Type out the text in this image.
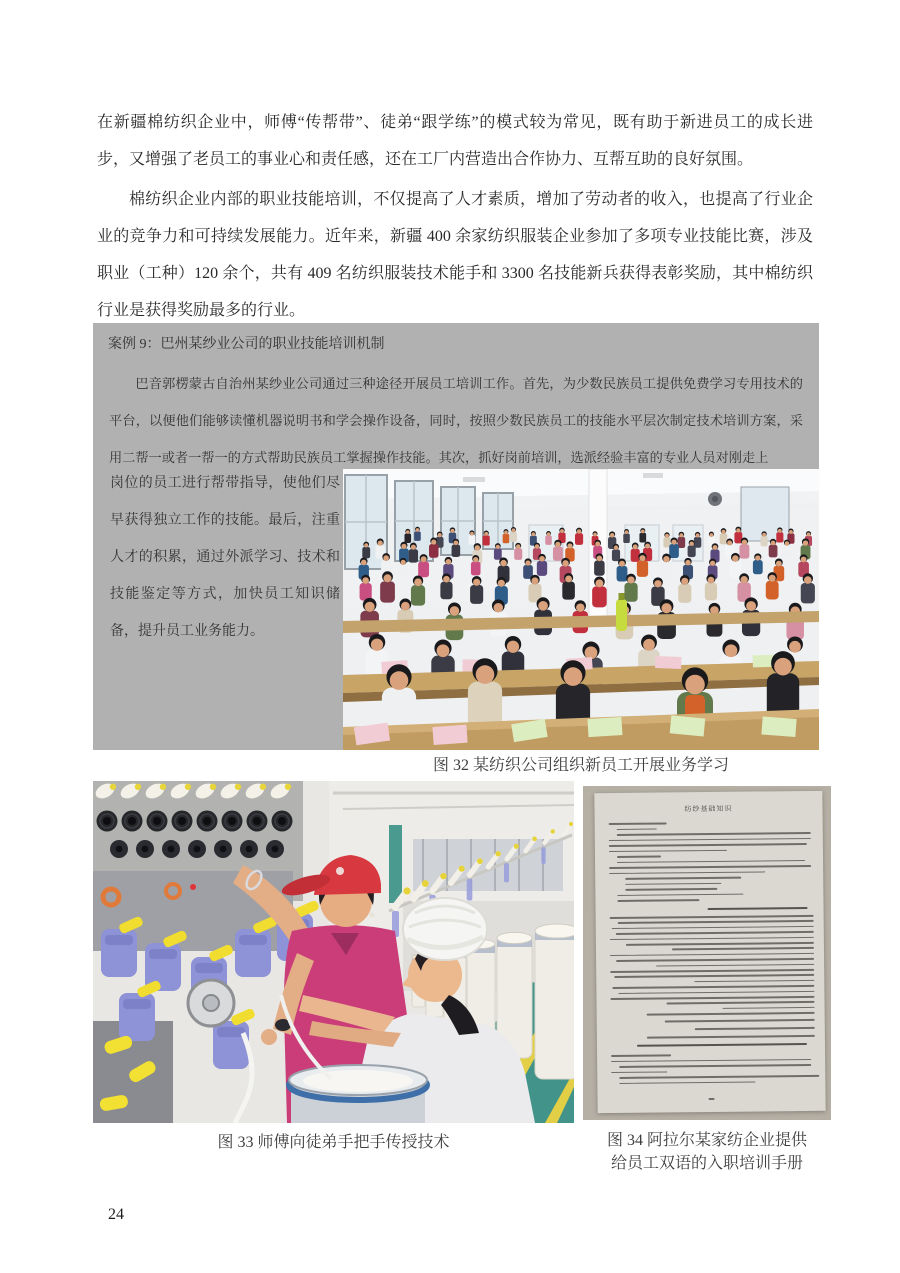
在新疆棉纺织企业中，师傅“传帮带”、徒弟“跟学练”的模式较为常见，既有助于新进员工的成长进步，又增强了老员工的事业心和责任感，还在工厂内营造出合作协力、互帮互助的良好氛围。
棉纺织企业内部的职业技能培训，不仅提高了人才素质，增加了劳动者的收入，也提高了行业企业的竞争力和可持续发展能力。近年来，新疆 400 余家纺织服装企业参加了多项专业技能比赛，涉及职业（工种）120 余个，共有 409 名纺织服装技术能手和 3300 名技能新兵获得表彰奖励，其中棉纺织行业是获得奖励最多的行业。
案例 9：巴州某纱业公司的职业技能培训机制
巴音郭楞蒙古自治州某纱业公司通过三种途径开展员工培训工作。首先，为少数民族员工提供免费学习专用技术的平台，以便他们能够读懂机器说明书和学会操作设备，同时，按照少数民族员工的技能水平层次制定技术培训方案，采用二帮一或者一帮一的方式帮助民族员工掌握操作技能。其次，抓好岗前培训，选派经验丰富的专业人员对刚走上
岗位的员工进行帮带指导，使他们尽早获得独立工作的技能。最后，注重人才的积累，通过外派学习、技术和技能鉴定等方式，加快员工知识储备，提升员工业务能力。
图 32 某纺织公司组织新员工开展业务学习
纺纱基础知识
图 33 师傅向徒弟手把手传授技术	图 34 阿拉尔某家纺企业提供
给员工双语的入职培训手册
24
